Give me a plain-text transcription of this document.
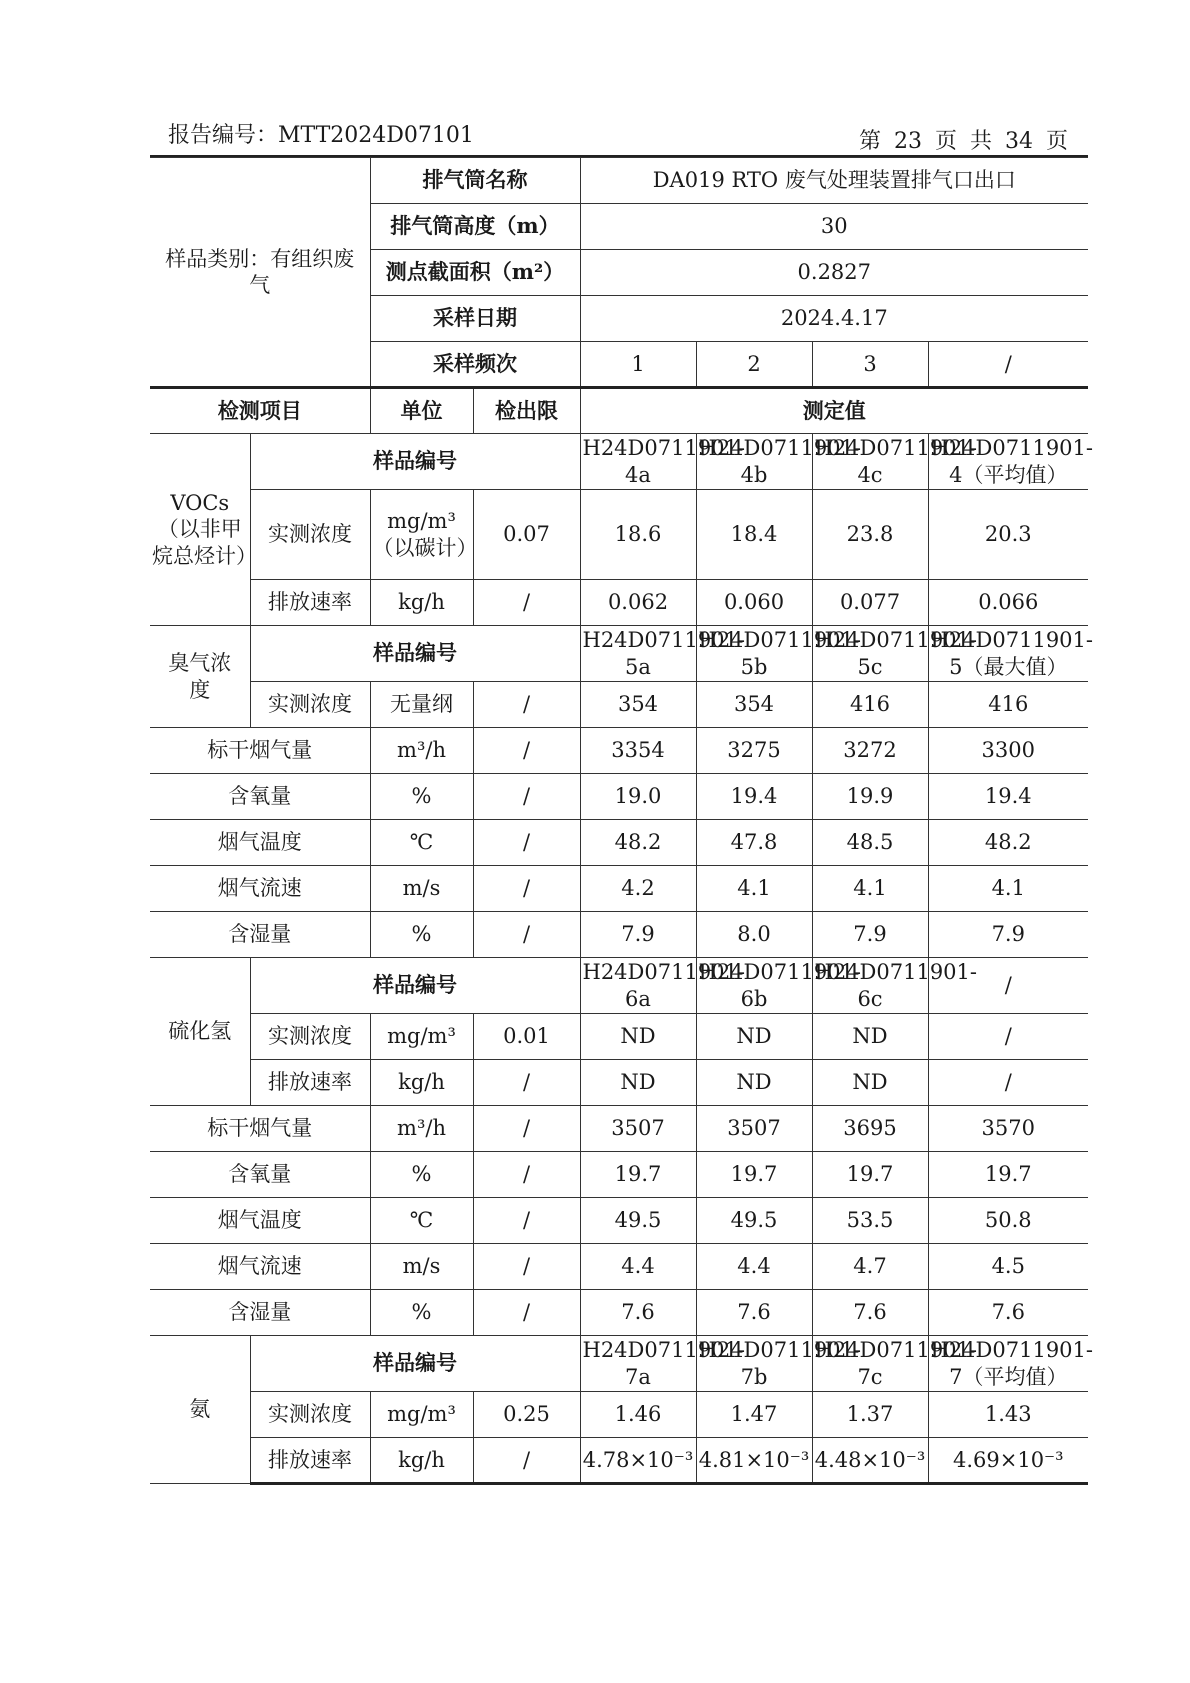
报告编号：MTT2024D07101	第 23 页 共 34 页
样品类别：有组织废气		排气筒名称		DA019 RTO 废气处理装置排气口出口			
		排气筒高度（m）		30			
		测点截面积（m²）		0.2827			
		采样日期		2024.4.17			
		采样频次		1	2	3	/
检测项目		单位	检出限	测定值			
VOCs（以非甲烷总烃计）	样品编号			H24D0711901-4a	H24D0711901-4b	H24D0711901-4c	H24D0711901-4（平均值）
	实测浓度	mg/m³（以碳计）	0.07	18.6	18.4	23.8	20.3
	排放速率	kg/h	/	0.062	0.060	0.077	0.066
臭气浓度	样品编号			H24D0711901-5a	H24D0711901-5b	H24D0711901-5c	H24D0711901-5（最大值）
	实测浓度	无量纲	/	354	354	416	416
标干烟气量		m³/h	/	3354	3275	3272	3300
含氧量		%	/	19.0	19.4	19.9	19.4
烟气温度		℃	/	48.2	47.8	48.5	48.2
烟气流速		m/s	/	4.2	4.1	4.1	4.1
含湿量		%	/	7.9	8.0	7.9	7.9
硫化氢	样品编号			H24D0711901-6a	H24D0711901-6b	H24D0711901-6c	/
	实测浓度	mg/m³	0.01	ND	ND	ND	/
	排放速率	kg/h	/	ND	ND	ND	/
标干烟气量		m³/h	/	3507	3507	3695	3570
含氧量		%	/	19.7	19.7	19.7	19.7
烟气温度		℃	/	49.5	49.5	53.5	50.8
烟气流速		m/s	/	4.4	4.4	4.7	4.5
含湿量		%	/	7.6	7.6	7.6	7.6
氨	样品编号			H24D0711901-7a	H24D0711901-7b	H24D0711901-7c	H24D0711901-7（平均值）
	实测浓度	mg/m³	0.25	1.46	1.47	1.37	1.43
	排放速率	kg/h	/	4.78×10⁻³	4.81×10⁻³	4.48×10⁻³	4.69×10⁻³
